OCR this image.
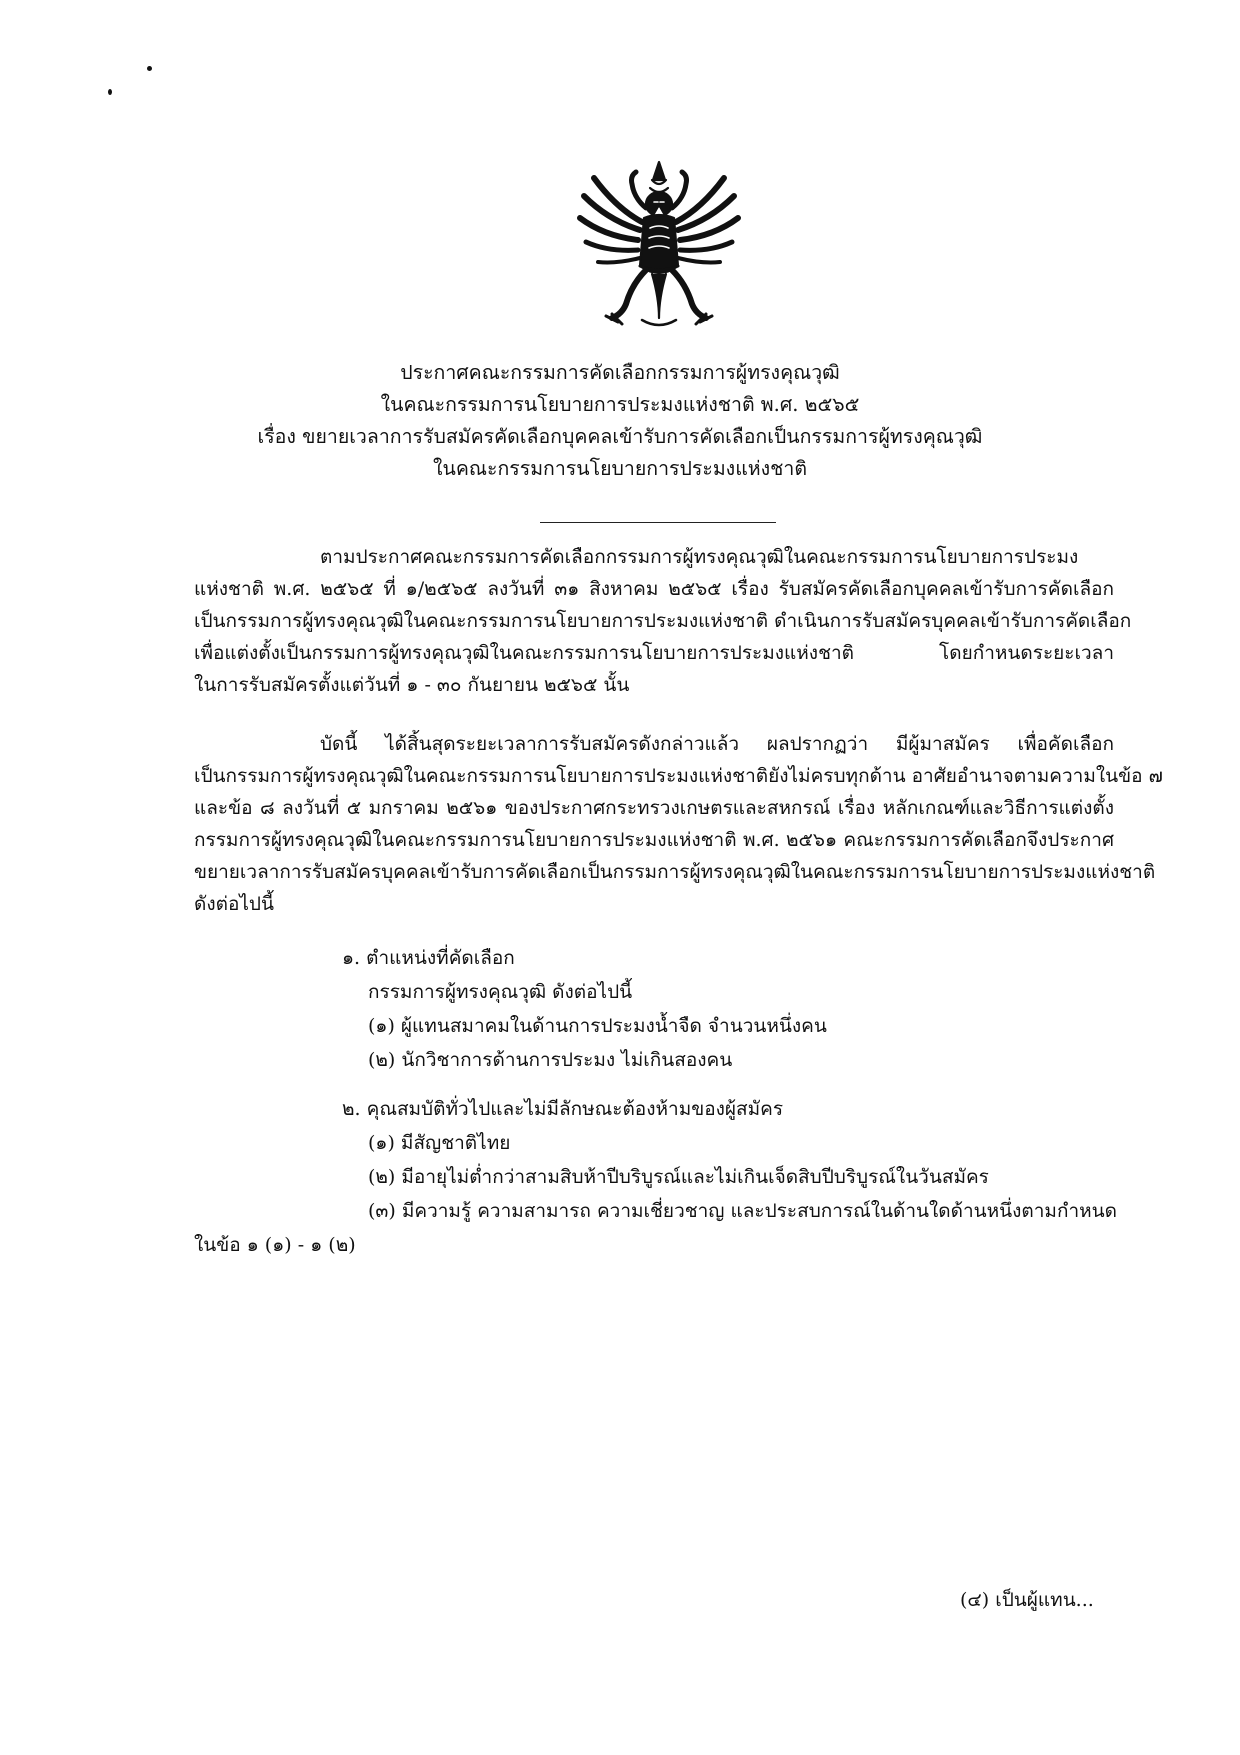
ประกาศคณะกรรมการคัดเลือกกรรมการผู้ทรงคุณวุฒิ
ในคณะกรรมการนโยบายการประมงแห่งชาติ พ.ศ. ๒๕๖๕
เรื่อง ขยายเวลาการรับสมัครคัดเลือกบุคคลเข้ารับการคัดเลือกเป็นกรรมการผู้ทรงคุณวุฒิ
ในคณะกรรมการนโยบายการประมงแห่งชาติ
ตามประกาศคณะกรรมการคัดเลือกกรรมการผู้ทรงคุณวุฒิในคณะกรรมการนโยบายการประมง
แห่งชาติ พ.ศ. ๒๕๖๕ ที่ ๑/๒๕๖๕ ลงวันที่ ๓๑ สิงหาคม ๒๕๖๕ เรื่อง รับสมัครคัดเลือกบุคคลเข้ารับการคัดเลือก
เป็นกรรมการผู้ทรงคุณวุฒิในคณะกรรมการนโยบายการประมงแห่งชาติ ดำเนินการรับสมัครบุคคลเข้ารับการคัดเลือก
เพื่อแต่งตั้งเป็นกรรมการผู้ทรงคุณวุฒิในคณะกรรมการนโยบายการประมงแห่งชาติ โดยกำหนดระยะเวลา
ในการรับสมัครตั้งแต่วันที่ ๑ - ๓๐ กันยายน ๒๕๖๕ นั้น
บัดนี้ ได้สิ้นสุดระยะเวลาการรับสมัครดังกล่าวแล้ว ผลปรากฏว่า มีผู้มาสมัคร เพื่อคัดเลือก
เป็นกรรมการผู้ทรงคุณวุฒิในคณะกรรมการนโยบายการประมงแห่งชาติยังไม่ครบทุกด้าน อาศัยอำนาจตามความในข้อ ๗
และข้อ ๘ ลงวันที่ ๕ มกราคม ๒๕๖๑ ของประกาศกระทรวงเกษตรและสหกรณ์ เรื่อง หลักเกณฑ์และวิธีการแต่งตั้ง
กรรมการผู้ทรงคุณวุฒิในคณะกรรมการนโยบายการประมงแห่งชาติ พ.ศ. ๒๕๖๑ คณะกรรมการคัดเลือกจึงประกาศ
ขยายเวลาการรับสมัครบุคคลเข้ารับการคัดเลือกเป็นกรรมการผู้ทรงคุณวุฒิในคณะกรรมการนโยบายการประมงแห่งชาติ
ดังต่อไปนี้
๑. ตำแหน่งที่คัดเลือก
กรรมการผู้ทรงคุณวุฒิ ดังต่อไปนี้
(๑) ผู้แทนสมาคมในด้านการประมงน้ำจืด จำนวนหนึ่งคน
(๒) นักวิชาการด้านการประมง ไม่เกินสองคน
๒. คุณสมบัติทั่วไปและไม่มีลักษณะต้องห้ามของผู้สมัคร
(๑) มีสัญชาติไทย
(๒) มีอายุไม่ต่ำกว่าสามสิบห้าปีบริบูรณ์และไม่เกินเจ็ดสิบปีบริบูรณ์ในวันสมัคร
(๓) มีความรู้ ความสามารถ ความเชี่ยวชาญ และประสบการณ์ในด้านใดด้านหนึ่งตามกำหนด
ในข้อ ๑ (๑) - ๑ (๒)
(๔) เป็นผู้แทน...
